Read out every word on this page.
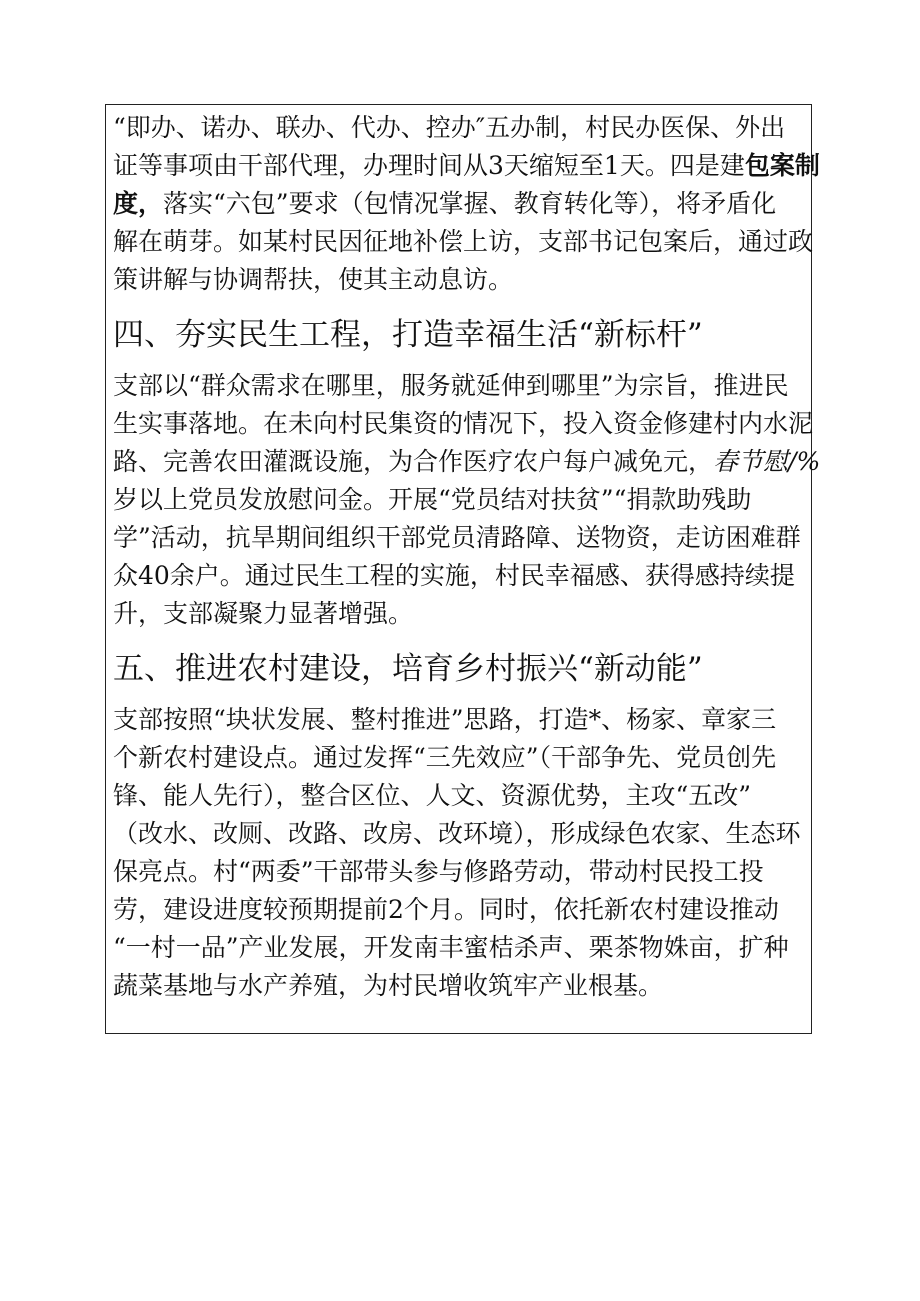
“即办、诺办、联办、代办、控办″五办制，村民办医保、外出
证等事项由干部代理，办理时间从3天缩短至1天。四是建包案制
度，落实“六包”要求（包情况掌握、教育转化等），将矛盾化
解在萌芽。如某村民因征地补偿上访，支部书记包案后，通过政
策讲解与协调帮扶，使其主动息访。
四、夯实民生工程，打造幸福生活“新标杆”
支部以“群众需求在哪里，服务就延伸到哪里”为宗旨，推进民
生实事落地。在未向村民集资的情况下，投入资金修建村内水泥
路、完善农田灌溉设施，为合作医疗农户每户减免元，春节慰/%
岁以上党员发放慰问金。开展“党员结对扶贫”“捐款助残助
学”活动，抗旱期间组织干部党员清路障、送物资，走访困难群
众40余户。通过民生工程的实施，村民幸福感、获得感持续提
升，支部凝聚力显著增强。
五、推进农村建设，培育乡村振兴“新动能”
支部按照“块状发展、整村推进”思路，打造*、杨家、章家三
个新农村建设点。通过发挥“三先效应”（干部争先、党员创先
锋、能人先行），整合区位、人文、资源优势，主攻“五改”
（改水、改厕、改路、改房、改环境），形成绿色农家、生态环
保亮点。村“两委”干部带头参与修路劳动，带动村民投工投
劳，建设进度较预期提前2个月。同时，依托新农村建设推动
“一村一品”产业发展，开发南丰蜜桔杀声、栗茶物姝亩，扩种
蔬菜基地与水产养殖，为村民增收筑牢产业根基。
